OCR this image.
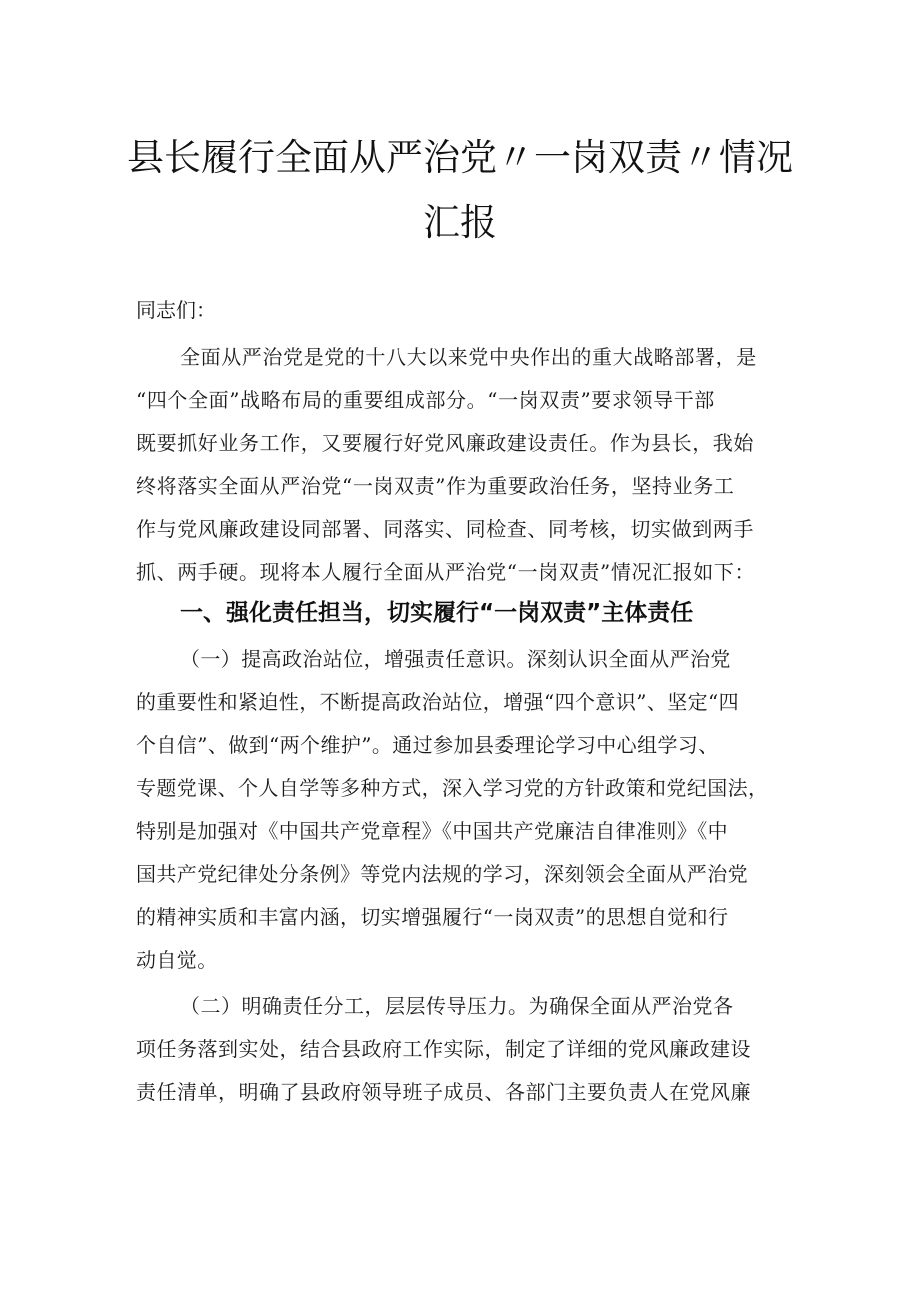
县长履行全面从严治党〃一岗双责〃情况
汇报
同志们：
全面从严治党是党的十八大以来党中央作出的重大战略部署，是
“四个全面”战略布局的重要组成部分。“一岗双责”要求领导干部
既要抓好业务工作，又要履行好党风廉政建设责任。作为县长，我始
终将落实全面从严治党“一岗双责”作为重要政治任务，坚持业务工
作与党风廉政建设同部署、同落实、同检查、同考核，切实做到两手
抓、两手硬。现将本人履行全面从严治党“一岗双责”情况汇报如下：
一、强化责任担当，切实履行“一岗双责”主体责任
（一）提高政治站位，增强责任意识。深刻认识全面从严治党
的重要性和紧迫性，不断提高政治站位，增强“四个意识”、坚定“四
个自信”、做到“两个维护”。通过参加县委理论学习中心组学习、
专题党课、个人自学等多种方式，深入学习党的方针政策和党纪国法，
特别是加强对《中国共产党章程》《中国共产党廉洁自律准则》《中
国共产党纪律处分条例》等党内法规的学习，深刻领会全面从严治党
的精神实质和丰富内涵，切实增强履行“一岗双责”的思想自觉和行
动自觉。
（二）明确责任分工，层层传导压力。为确保全面从严治党各
项任务落到实处，结合县政府工作实际，制定了详细的党风廉政建设
责任清单，明确了县政府领导班子成员、各部门主要负责人在党风廉
